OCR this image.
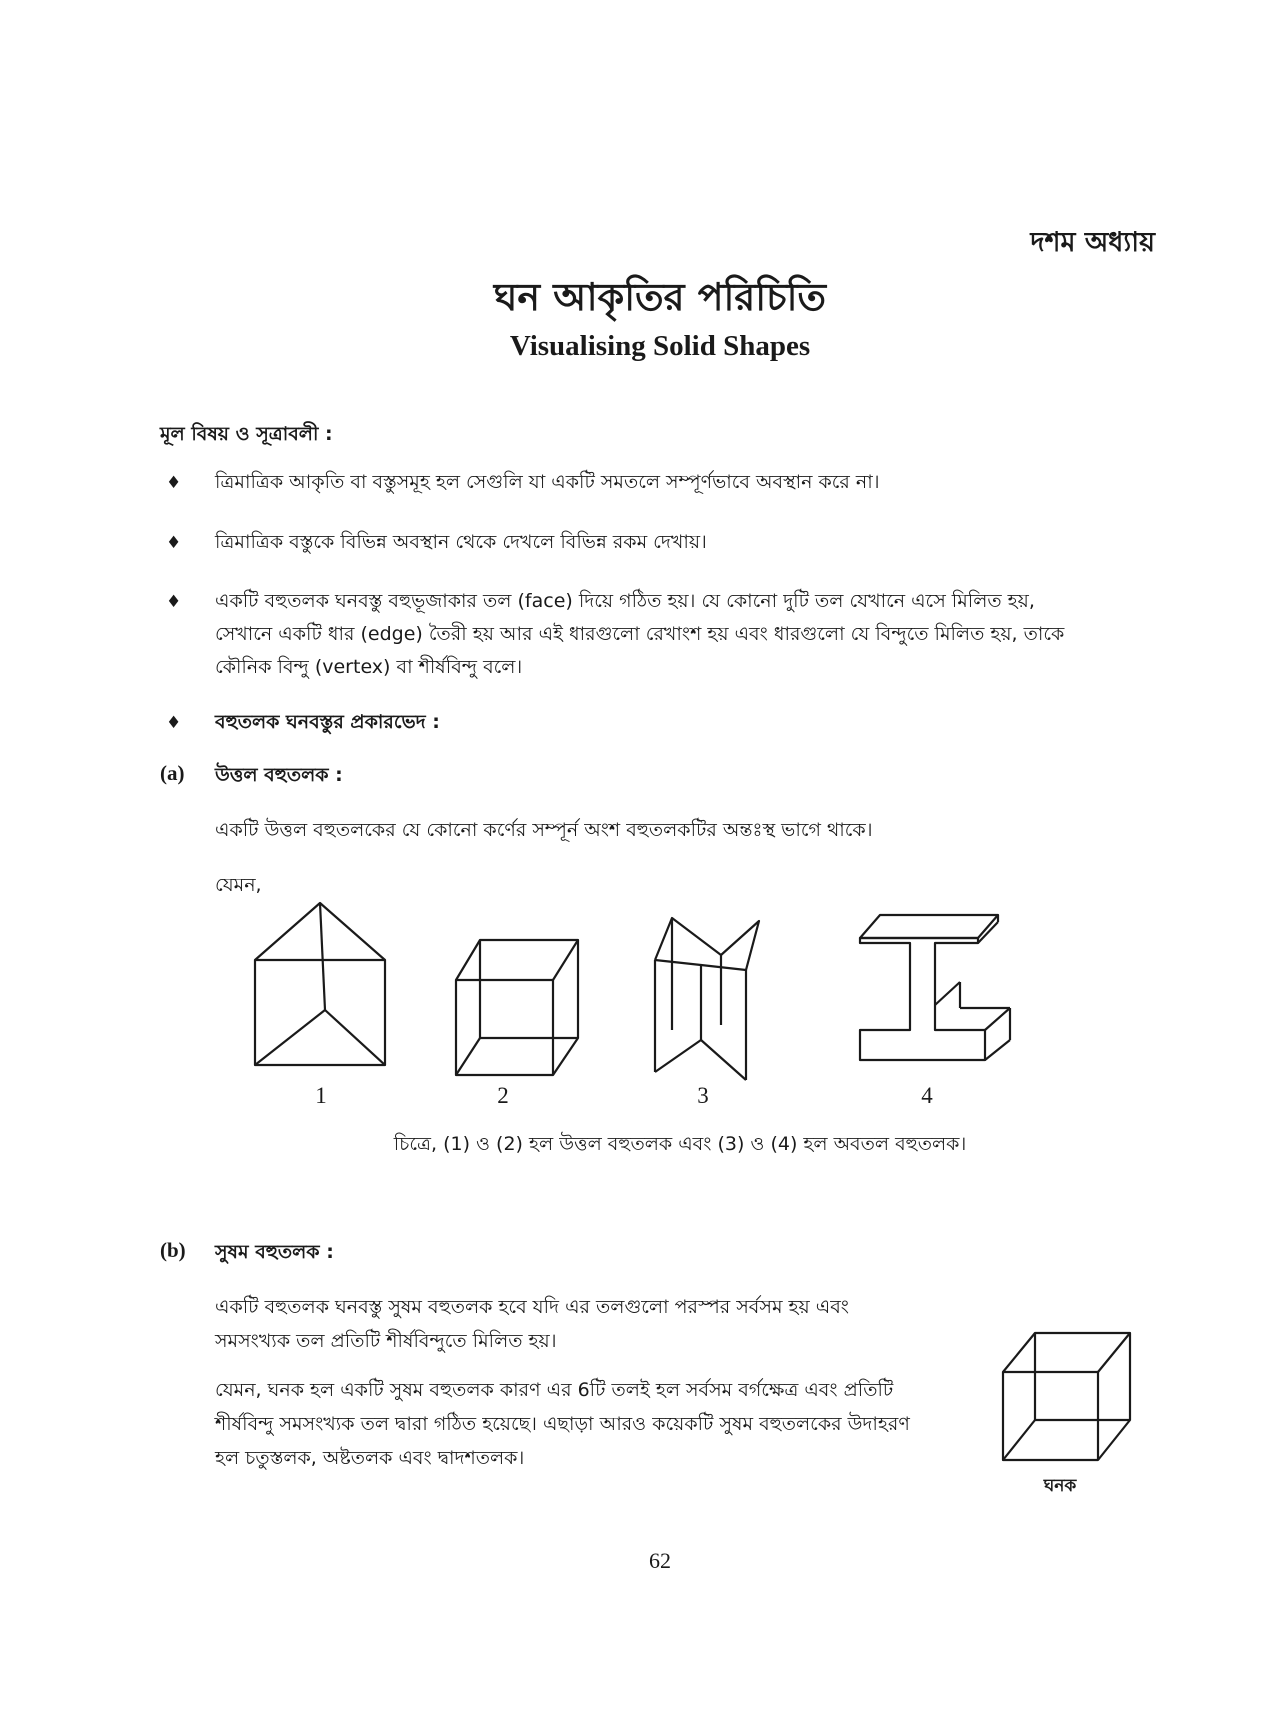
দশম অধ্যায়
ঘন আকৃতির পরিচিতি
Visualising Solid Shapes
মূল বিষয় ও সূত্রাবলী :
♦ ত্রিমাত্রিক আকৃতি বা বস্তুসমূহ হল সেগুলি যা একটি সমতলে সম্পূর্ণভাবে অবস্থান করে না।
♦ ত্রিমাত্রিক বস্তুকে বিভিন্ন অবস্থান থেকে দেখলে বিভিন্ন রকম দেখায়।
♦ একটি বহুতলক ঘনবস্তু বহুভূজাকার তল (face) দিয়ে গঠিত হয়। যে কোনো দুটি তল যেখানে এসে মিলিত হয়,
সেখানে একটি ধার (edge) তৈরী হয় আর এই ধারগুলো রেখাংশ হয় এবং ধারগুলো যে বিন্দুতে মিলিত হয়, তাকে
কৌনিক বিন্দু (vertex) বা শীর্ষবিন্দু বলে।
♦ বহুতলক ঘনবস্তুর প্রকারভেদ :
(a) উত্তল বহুতলক :
একটি উত্তল বহুতলকের যে কোনো কর্ণের সম্পূর্ন অংশ বহুতলকটির অন্তঃস্থ ভাগে থাকে।
যেমন,
1	2	3	4
চিত্রে, (1) ও (2) হল উত্তল বহুতলক এবং (3) ও (4) হল অবতল বহুতলক।
(b) সুষম বহুতলক :
একটি বহুতলক ঘনবস্তু সুষম বহুতলক হবে যদি এর তলগুলো পরস্পর সর্বসম হয় এবং
সমসংখ্যক তল প্রতিটি শীর্ষবিন্দুতে মিলিত হয়।
যেমন, ঘনক হল একটি সুষম বহুতলক কারণ এর 6টি তলই হল সর্বসম বর্গক্ষেত্র এবং প্রতিটি
শীর্ষবিন্দু সমসংখ্যক তল দ্বারা গঠিত হয়েছে। এছাড়া আরও কয়েকটি সুষম বহুতলকের উদাহরণ
হল চতুস্তলক, অষ্টতলক এবং দ্বাদশতলক।
ঘনক
62
